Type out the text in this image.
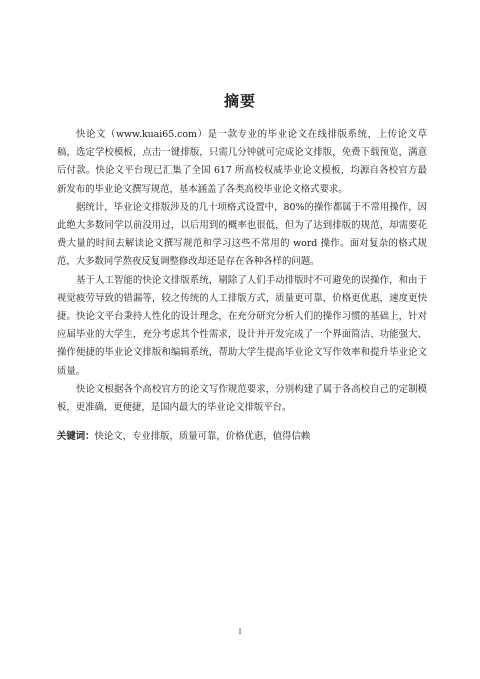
摘要

快论文（www.kuai65.com）是一款专业的毕业论文在线排版系统，上传论文草稿，选定学校模板，点击一键排版，只需几分钟就可完成论文排版，免费下载预览，满意后付款。快论文平台现已汇集了全国 617 所高校权威毕业论文模板，均源自各校官方最新发布的毕业论文撰写规范，基本涵盖了各类高校毕业论文格式要求。

据统计，毕业论文排版涉及的几十项格式设置中，80%的操作都属于不常用操作，因此绝大多数同学以前没用过，以后用到的概率也很低，但为了达到排版的规范，却需要花费大量的时间去解读论文撰写规范和学习这些不常用的 word 操作。面对复杂的格式规范，大多数同学熬夜反复调整修改却还是存在各种各样的问题。

基于人工智能的快论文排版系统，剔除了人们手动排版时不可避免的误操作，和由于视觉疲劳导致的错漏等，较之传统的人工排版方式，质量更可靠，价格更优惠，速度更快捷。快论文平台秉持人性化的设计理念，在充分研究分析人们的操作习惯的基础上，针对应届毕业的大学生，充分考虑其个性需求，设计并开发完成了一个界面简洁、功能强大、操作便捷的毕业论文排版和编辑系统，帮助大学生提高毕业论文写作效率和提升毕业论文质量。

快论文根据各个高校官方的论文写作规范要求，分别构建了属于各高校自己的定制模板，更准确，更便捷，是国内最大的毕业论文排版平台。

关键词：快论文，专业排版，质量可靠，价格优惠，值得信赖
I
